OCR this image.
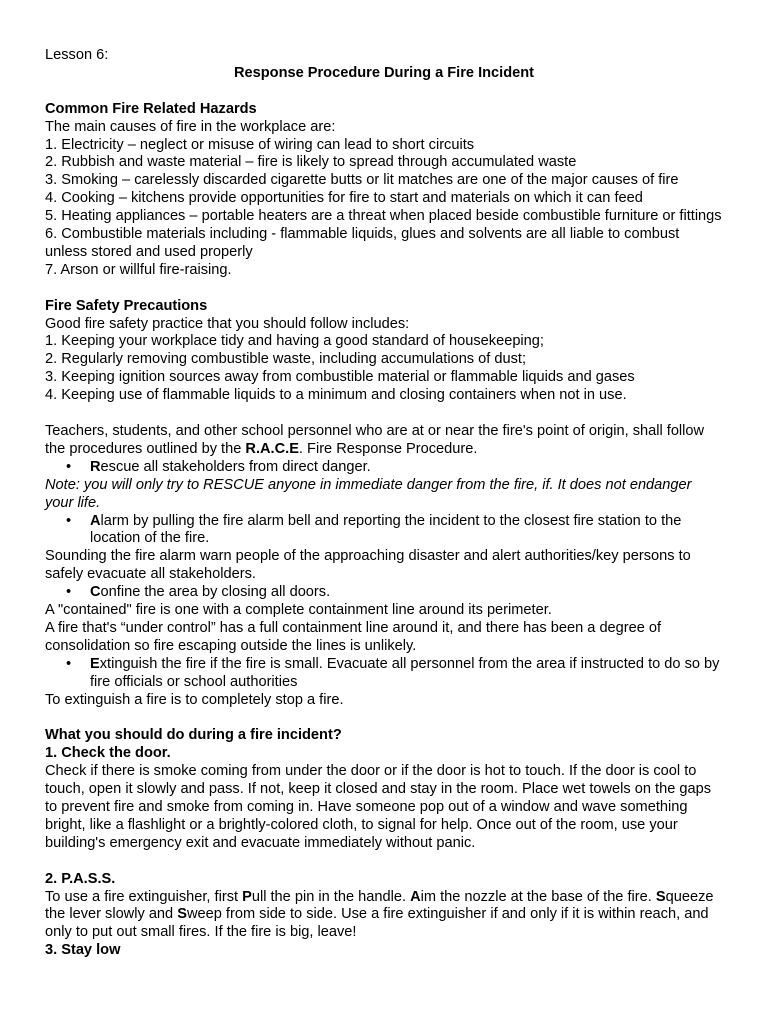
Lesson 6:

Response Procedure During a Fire Incident

Common Fire Related Hazards

The main causes of fire in the workplace are:

1. Electricity – neglect or misuse of wiring can lead to short circuits

2. Rubbish and waste material – fire is likely to spread through accumulated waste

3. Smoking – carelessly discarded cigarette butts or lit matches are one of the major causes of fire

4. Cooking – kitchens provide opportunities for fire to start and materials on which it can feed

5. Heating appliances – portable heaters are a threat when placed beside combustible furniture or fittings

6. Combustible materials including - flammable liquids, glues and solvents are all liable to combust unless stored and used properly

7. Arson or willful fire-raising.

Fire Safety Precautions

Good fire safety practice that you should follow includes:

1. Keeping your workplace tidy and having a good standard of housekeeping;

2. Regularly removing combustible waste, including accumulations of dust;

3. Keeping ignition sources away from combustible material or flammable liquids and gases

4. Keeping use of flammable liquids to a minimum and closing containers when not in use.

Teachers, students, and other school personnel who are at or near the fire's point of origin, shall follow the procedures outlined by the R.A.C.E. Fire Response Procedure.

• Rescue all stakeholders from direct danger.

Note: you will only try to RESCUE anyone in immediate danger from the fire, if. It does not endanger your life.

• Alarm by pulling the fire alarm bell and reporting the incident to the closest fire station to the location of the fire.

Sounding the fire alarm warn people of the approaching disaster and alert authorities/key persons to safely evacuate all stakeholders.

• Confine the area by closing all doors.

A "contained" fire is one with a complete containment line around its perimeter.

A fire that's “under control” has a full containment line around it, and there has been a degree of consolidation so fire escaping outside the lines is unlikely.

• Extinguish the fire if the fire is small. Evacuate all personnel from the area if instructed to do so by fire officials or school authorities

To extinguish a fire is to completely stop a fire.

What you should do during a fire incident?

1. Check the door.

Check if there is smoke coming from under the door or if the door is hot to touch. If the door is cool to touch, open it slowly and pass. If not, keep it closed and stay in the room. Place wet towels on the gaps to prevent fire and smoke from coming in. Have someone pop out of a window and wave something bright, like a flashlight or a brightly-colored cloth, to signal for help. Once out of the room, use your building's emergency exit and evacuate immediately without panic.

2. P.A.S.S.

To use a fire extinguisher, first Pull the pin in the handle. Aim the nozzle at the base of the fire. Squeeze the lever slowly and Sweep from side to side. Use a fire extinguisher if and only if it is within reach, and only to put out small fires. If the fire is big, leave!

3. Stay low
